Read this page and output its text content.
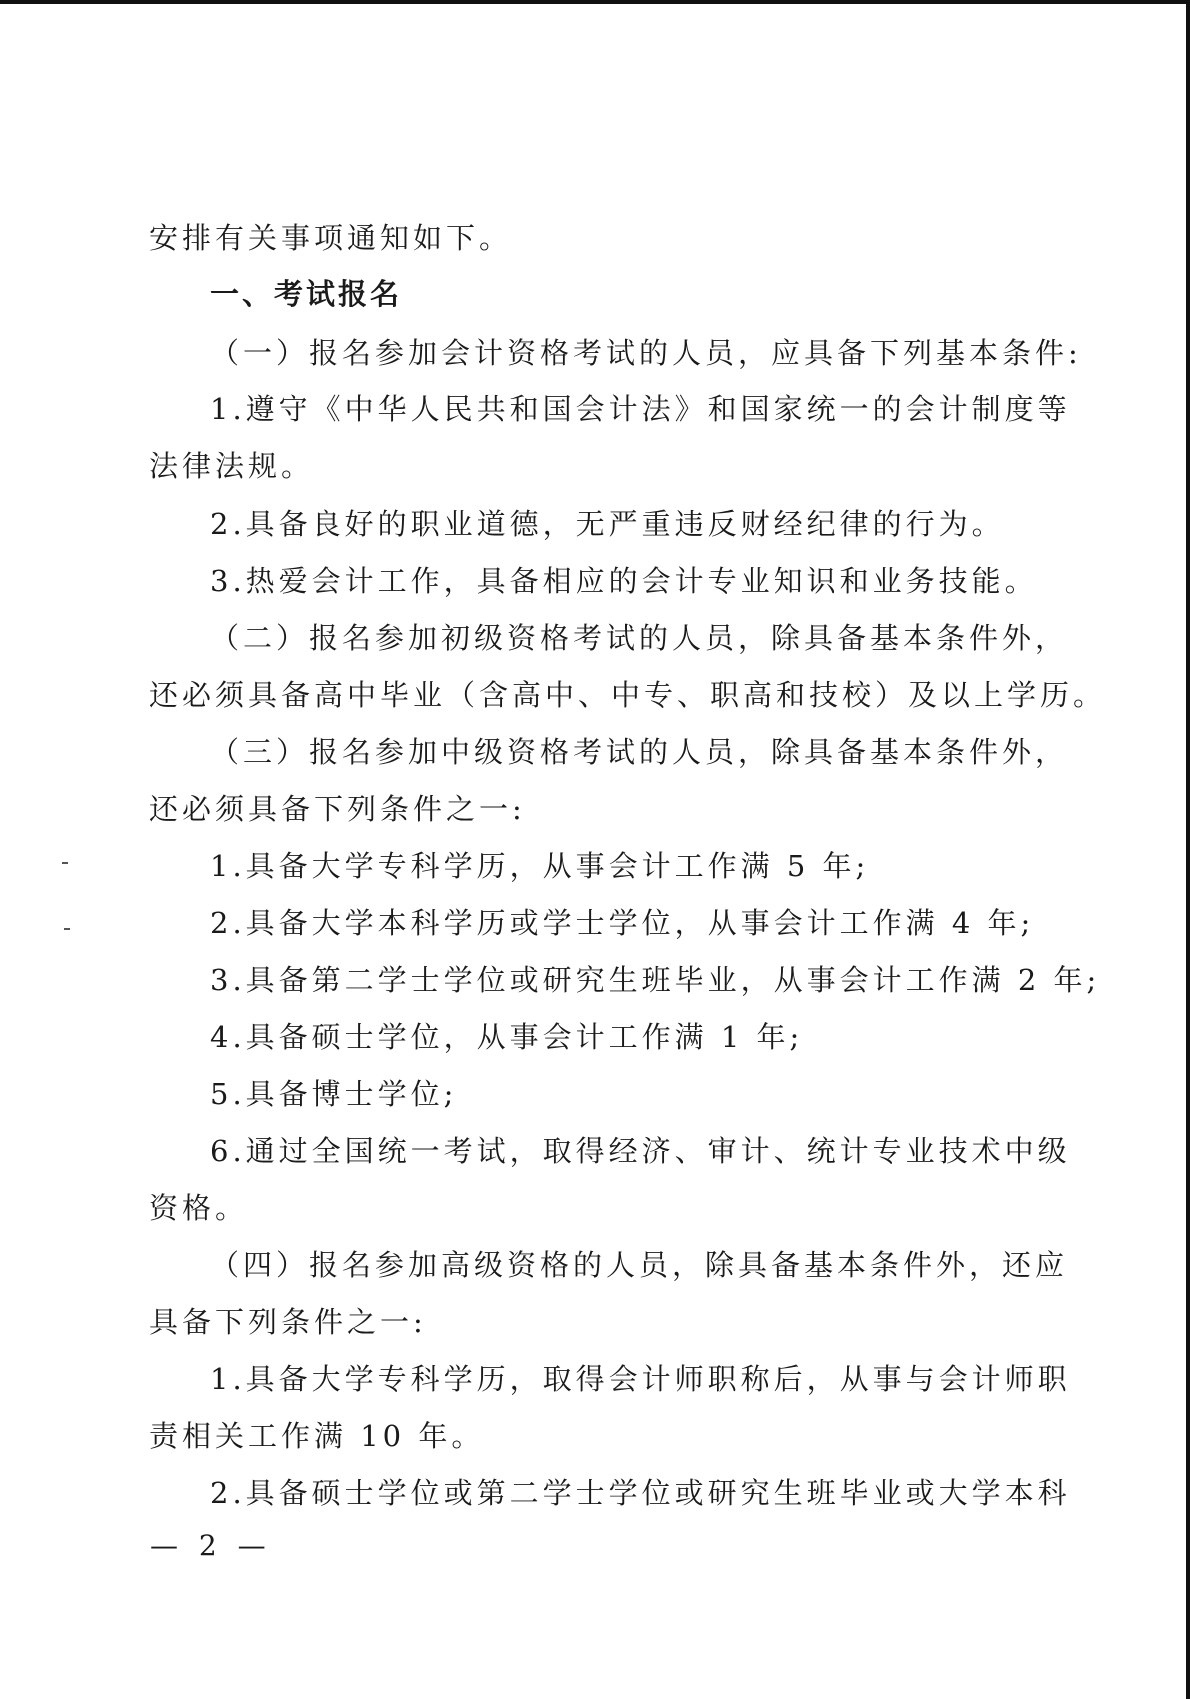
安排有关事项通知如下。
一、考试报名
（一）报名参加会计资格考试的人员，应具备下列基本条件:
1.遵守《中华人民共和国会计法》和国家统一的会计制度等
法律法规。
2.具备良好的职业道德，无严重违反财经纪律的行为。
3.热爱会计工作，具备相应的会计专业知识和业务技能。
（二）报名参加初级资格考试的人员，除具备基本条件外，
还必须具备高中毕业（含高中、中专、职高和技校）及以上学历。
（三）报名参加中级资格考试的人员，除具备基本条件外，
还必须具备下列条件之一:
1.具备大学专科学历，从事会计工作满 5 年;
2.具备大学本科学历或学士学位，从事会计工作满 4 年;
3.具备第二学士学位或研究生班毕业，从事会计工作满 2 年;
4.具备硕士学位，从事会计工作满 1 年;
5.具备博士学位;
6.通过全国统一考试，取得经济、审计、统计专业技术中级
资格。
（四）报名参加高级资格的人员，除具备基本条件外，还应
具备下列条件之一:
1.具备大学专科学历，取得会计师职称后，从事与会计师职
责相关工作满 10 年。
2.具备硕士学位或第二学士学位或研究生班毕业或大学本科
— 2 —
